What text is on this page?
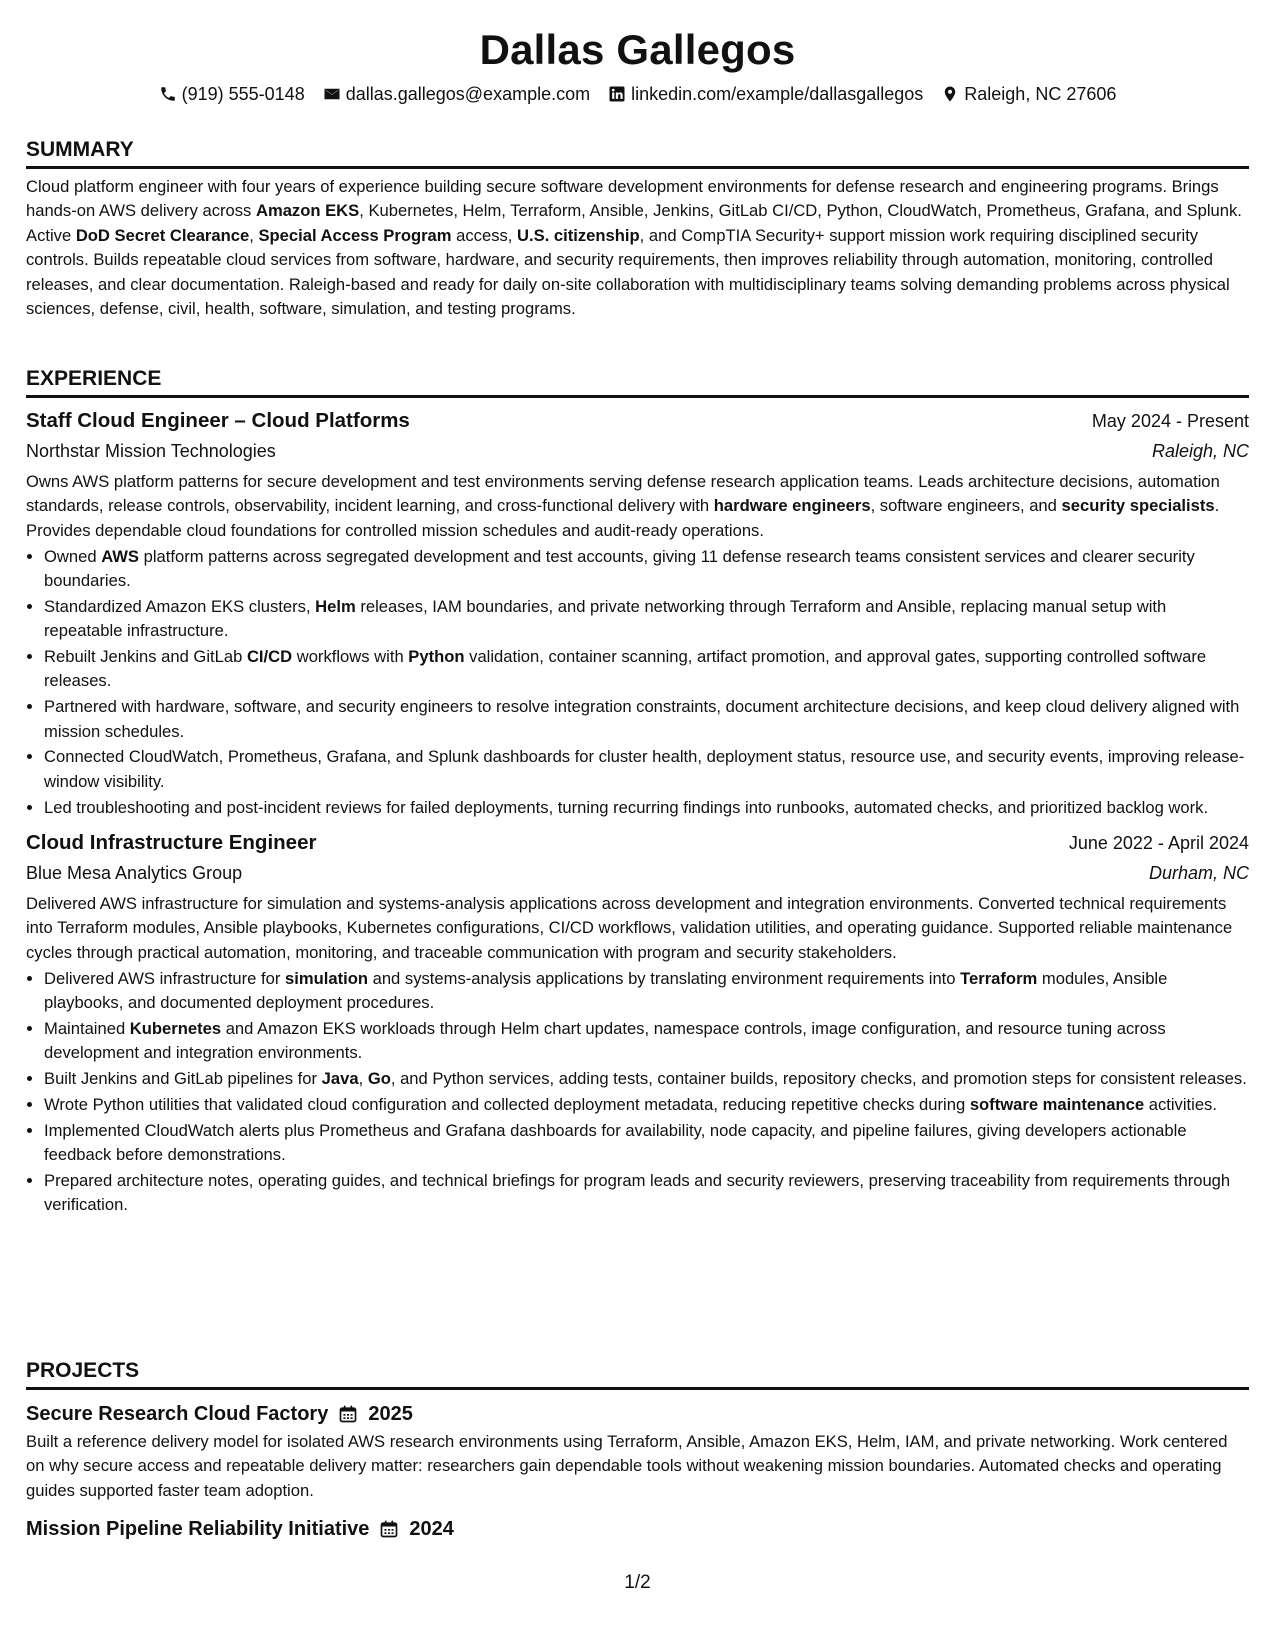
Dallas Gallegos
(919) 555-0148 dallas.gallegos@example.com linkedin.com/example/dallasgallegos Raleigh, NC 27606
SUMMARY

Cloud platform engineer with four years of experience building secure software development environments for defense research and engineering programs. Brings hands-on AWS delivery across Amazon EKS, Kubernetes, Helm, Terraform, Ansible, Jenkins, GitLab CI/CD, Python, CloudWatch, Prometheus, Grafana, and Splunk. Active DoD Secret Clearance, Special Access Program access, U.S. citizenship, and CompTIA Security+ support mission work requiring disciplined security controls. Builds repeatable cloud services from software, hardware, and security requirements, then improves reliability through automation, monitoring, controlled releases, and clear documentation. Raleigh-based and ready for daily on-site collaboration with multidisciplinary teams solving demanding problems across physical sciences, defense, civil, health, software, simulation, and testing programs.

EXPERIENCE
Staff Cloud Engineer – Cloud Platforms	May 2024 - Present
Northstar Mission Technologies	Raleigh, NC

Owns AWS platform patterns for secure development and test environments serving defense research application teams. Leads architecture decisions, automation standards, release controls, observability, incident learning, and cross-functional delivery with hardware engineers, software engineers, and security specialists. Provides dependable cloud foundations for controlled mission schedules and audit-ready operations.

• Owned AWS platform patterns across segregated development and test accounts, giving 11 defense research teams consistent services and clearer security boundaries.
• Standardized Amazon EKS clusters, Helm releases, IAM boundaries, and private networking through Terraform and Ansible, replacing manual setup with repeatable infrastructure.
• Rebuilt Jenkins and GitLab CI/CD workflows with Python validation, container scanning, artifact promotion, and approval gates, supporting controlled software releases.
• Partnered with hardware, software, and security engineers to resolve integration constraints, document architecture decisions, and keep cloud delivery aligned with mission schedules.
• Connected CloudWatch, Prometheus, Grafana, and Splunk dashboards for cluster health, deployment status, resource use, and security events, improving release-window visibility.
• Led troubleshooting and post-incident reviews for failed deployments, turning recurring findings into runbooks, automated checks, and prioritized backlog work.
Cloud Infrastructure Engineer	June 2022 - April 2024
Blue Mesa Analytics Group	Durham, NC

Delivered AWS infrastructure for simulation and systems-analysis applications across development and integration environments. Converted technical requirements into Terraform modules, Ansible playbooks, Kubernetes configurations, CI/CD workflows, validation utilities, and operating guidance. Supported reliable maintenance cycles through practical automation, monitoring, and traceable communication with program and security stakeholders.

• Delivered AWS infrastructure for simulation and systems-analysis applications by translating environment requirements into Terraform modules, Ansible playbooks, and documented deployment procedures.
• Maintained Kubernetes and Amazon EKS workloads through Helm chart updates, namespace controls, image configuration, and resource tuning across development and integration environments.
• Built Jenkins and GitLab pipelines for Java, Go, and Python services, adding tests, container builds, repository checks, and promotion steps for consistent releases.
• Wrote Python utilities that validated cloud configuration and collected deployment metadata, reducing repetitive checks during software maintenance activities.
• Implemented CloudWatch alerts plus Prometheus and Grafana dashboards for availability, node capacity, and pipeline failures, giving developers actionable feedback before demonstrations.
• Prepared architecture notes, operating guides, and technical briefings for program leads and security reviewers, preserving traceability from requirements through verification.
PROJECTS
Secure Research Cloud Factory 2025

Built a reference delivery model for isolated AWS research environments using Terraform, Ansible, Amazon EKS, Helm, IAM, and private networking. Work centered on why secure access and repeatable delivery matter: researchers gain dependable tools without weakening mission boundaries. Automated checks and operating guides supported faster team adoption.

Mission Pipeline Reliability Initiative 2024
1/2
